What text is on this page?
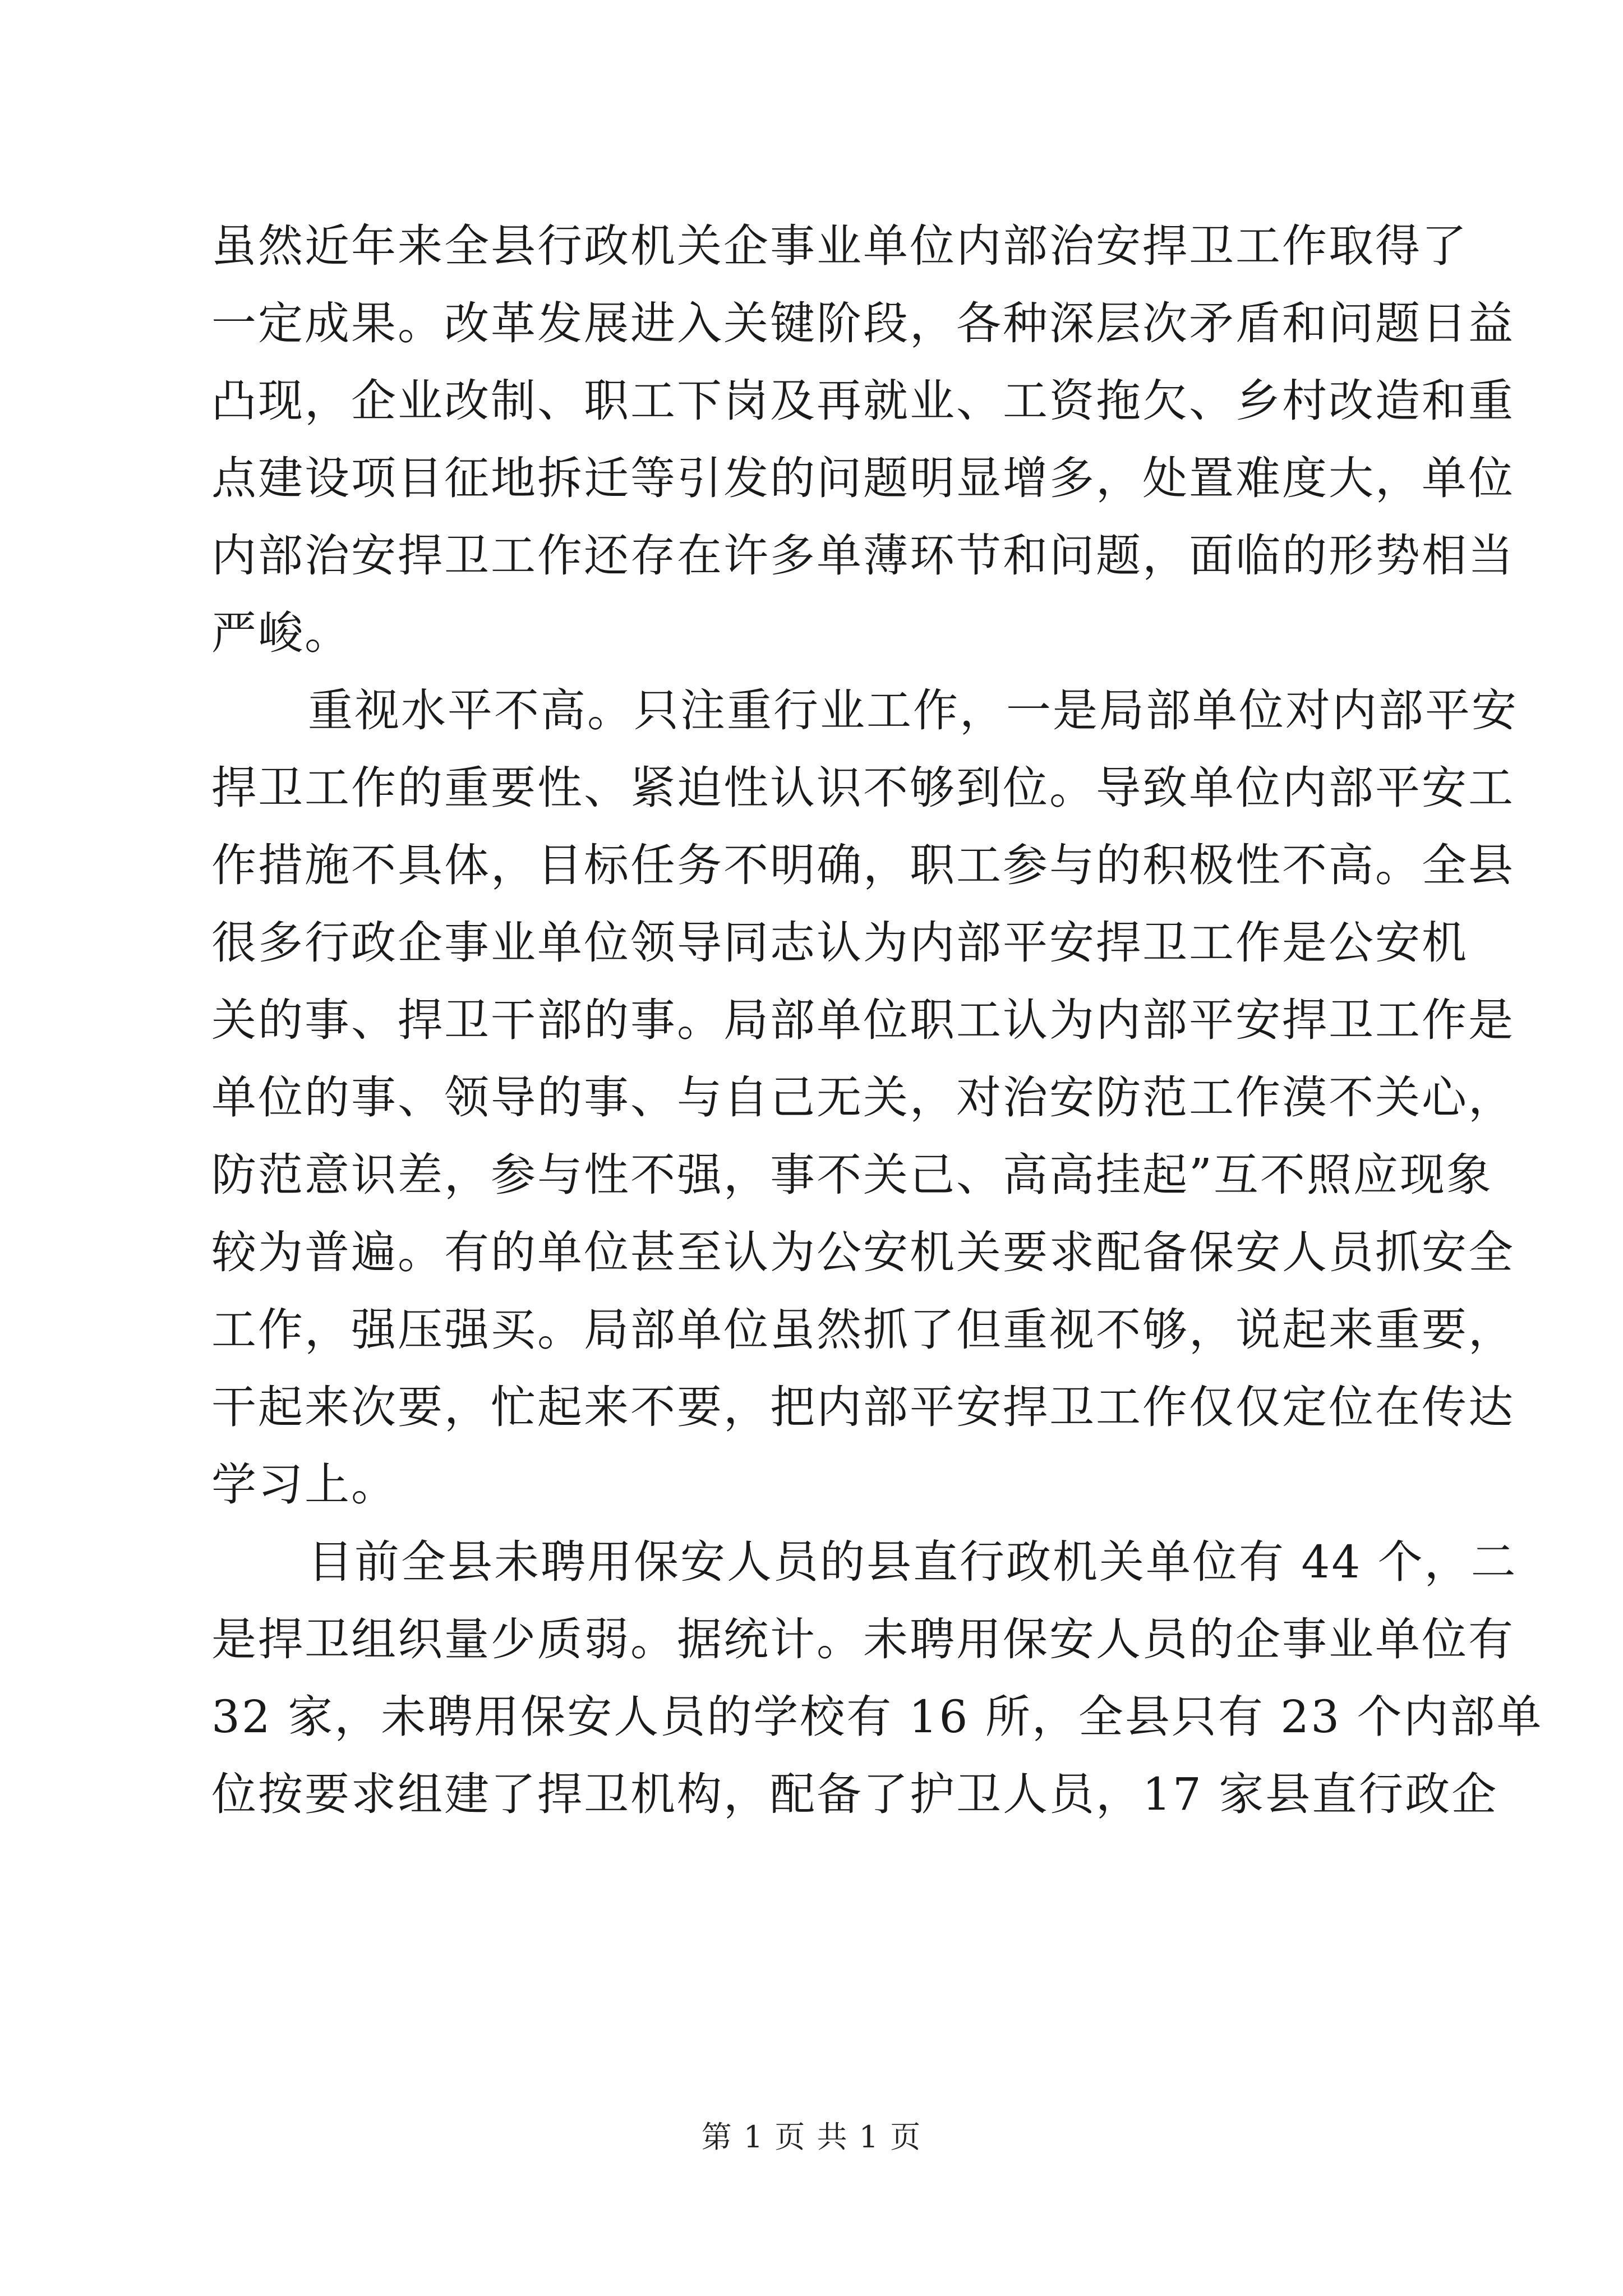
虽然近年来全县行政机关企事业单位内部治安捍卫工作取得了
一定成果。改革发展进入关键阶段，各种深层次矛盾和问题日益
凸现，企业改制、职工下岗及再就业、工资拖欠、乡村改造和重
点建设项目征地拆迁等引发的问题明显增多，处置难度大，单位
内部治安捍卫工作还存在许多单薄环节和问题，面临的形势相当
严峻。
重视水平不高。只注重行业工作，一是局部单位对内部平安
捍卫工作的重要性、紧迫性认识不够到位。导致单位内部平安工
作措施不具体，目标任务不明确，职工参与的积极性不高。全县
很多行政企事业单位领导同志认为内部平安捍卫工作是公安机
关的事、捍卫干部的事。局部单位职工认为内部平安捍卫工作是
单位的事、领导的事、与自己无关，对治安防范工作漠不关心，
防范意识差，参与性不强，事不关己、高高挂起”互不照应现象
较为普遍。有的单位甚至认为公安机关要求配备保安人员抓安全
工作，强压强买。局部单位虽然抓了但重视不够，说起来重要，
干起来次要，忙起来不要，把内部平安捍卫工作仅仅定位在传达
学习上。
目前全县未聘用保安人员的县直行政机关单位有 44 个，二
是捍卫组织量少质弱。据统计。未聘用保安人员的企事业单位有
32 家，未聘用保安人员的学校有 16 所，全县只有 23 个内部单
位按要求组建了捍卫机构，配备了护卫人员，17 家县直行政企
第 1 页 共 1 页
